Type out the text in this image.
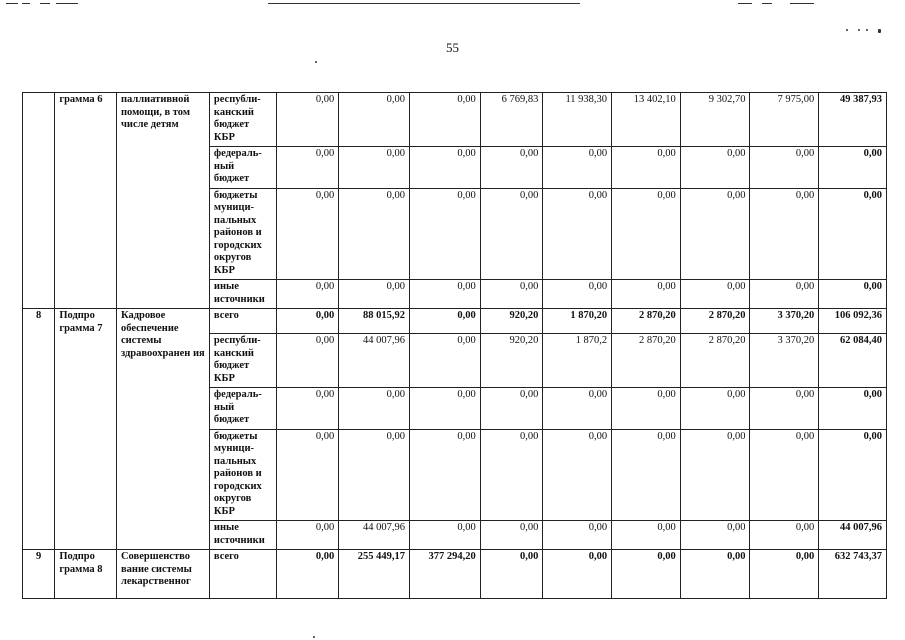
55
	грамма 6	паллиативной помощи, в том числе детям	республи-канский бюджет КБР	0,00	0,00	0,00	6 769,83	11 938,30	13 402,10	9 302,70	7 975,00	49 387,93
			федераль-ный бюджет	0,00	0,00	0,00	0,00	0,00	0,00	0,00	0,00	0,00
			бюджеты муници-пальных районов и городских округов КБР	0,00	0,00	0,00	0,00	0,00	0,00	0,00	0,00	0,00
			иные источники	0,00	0,00	0,00	0,00	0,00	0,00	0,00	0,00	0,00
8	Подпро грамма 7	Кадровое обеспечение системы здравоохранен ия	всего	0,00	88 015,92	0,00	920,20	1 870,20	2 870,20	2 870,20	3 370,20	106 092,36
			республи-канский бюджет КБР	0,00	44 007,96	0,00	920,20	1 870,2	2 870,20	2 870,20	3 370,20	62 084,40
			федераль-ный бюджет	0,00	0,00	0,00	0,00	0,00	0,00	0,00	0,00	0,00
			бюджеты муници-пальных районов и городских округов КБР	0,00	0,00	0,00	0,00	0,00	0,00	0,00	0,00	0,00
			иные источники	0,00	44 007,96	0,00	0,00	0,00	0,00	0,00	0,00	44 007,96
9	Подпро грамма 8	Совершенство вание системы лекарственног	всего	0,00	255 449,17	377 294,20	0,00	0,00	0,00	0,00	0,00	632 743,37
